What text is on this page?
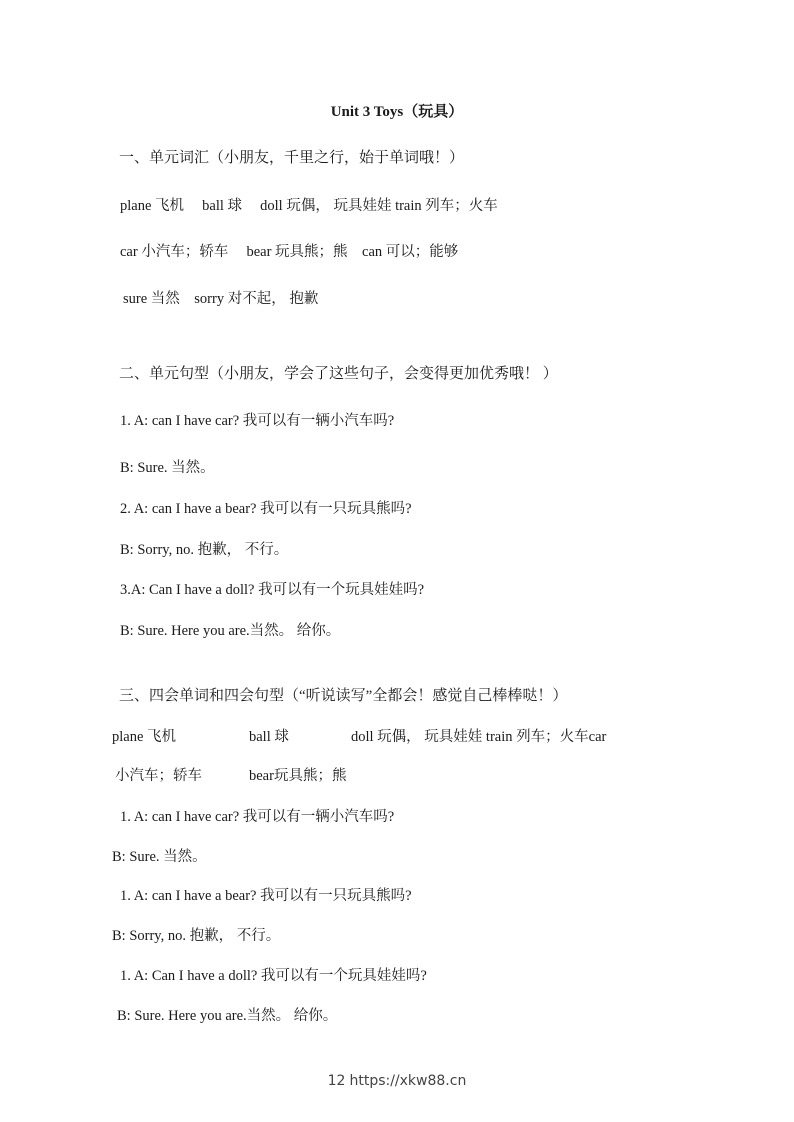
Unit 3 Toys（玩具）
一、单元词汇（小朋友，千里之行，始于单词哦！）
plane 飞机　 ball 球　 doll 玩偶， 玩具娃娃 train 列车；火车
car 小汽车；轿车　 bear 玩具熊；熊　can 可以；能够
sure 当然　sorry 对不起， 抱歉
二、单元句型（小朋友，学会了这些句子，会变得更加优秀哦！ ）
1. A: can I have car? 我可以有一辆小汽车吗?
B: Sure. 当然。
2. A: can I have a bear? 我可以有一只玩具熊吗?
B: Sorry, no. 抱歉， 不行。
3.A: Can I have a doll? 我可以有一个玩具娃娃吗?
B: Sure. Here you are.当然。 给你。
三、四会单词和四会句型（“听说读写”全都会！感觉自己棒棒哒！）
plane 飞机	ball 球	doll 玩偶， 玩具娃娃 train 列车；火车car
小汽车；轿车	bear玩具熊；熊
1. A: can I have car? 我可以有一辆小汽车吗?
B: Sure. 当然。
1. A: can I have a bear? 我可以有一只玩具熊吗?
B: Sorry, no. 抱歉， 不行。
1. A: Can I have a doll? 我可以有一个玩具娃娃吗?
B: Sure. Here you are.当然。 给你。
12 https://xkw88.cn
